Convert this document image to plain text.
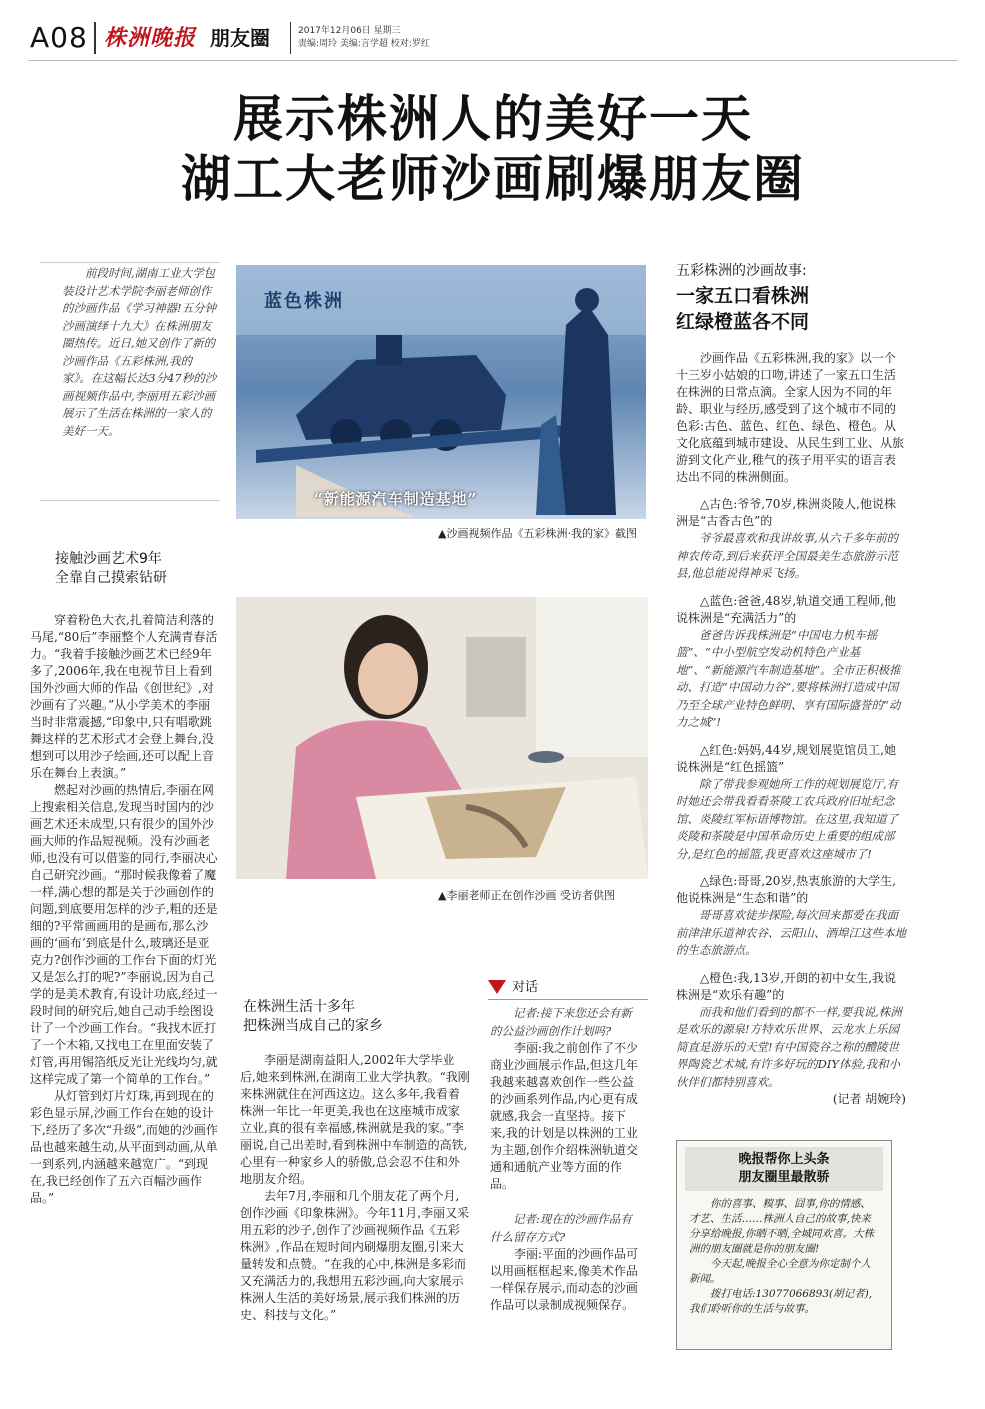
A08 株洲晚报 朋友圈	2017年12月06日 星期三
责编:周玲 美编:言学超 校对:罗红
展示株洲人的美好一天
湖工大老师沙画刷爆朋友圈

前段时间,湖南工业大学包装设计艺术学院李丽老师创作的沙画作品《学习神器!五分钟沙画演绎十九大》在株洲朋友圈热传。近日,她又创作了新的沙画作品《五彩株洲,我的家》。在这幅长达3分47秒的沙画视频作品中,李丽用五彩沙画展示了生活在株洲的一家人的美好一天。

蓝色株洲
“新能源汽车制造基地”
▲沙画视频作品《五彩株洲·我的家》截图
▲李丽老师正在创作沙画 受访者供图
接触沙画艺术9年
全靠自己摸索钻研

穿着粉色大衣,扎着简洁利落的马尾,“80后”李丽整个人充满青春活力。“我着手接触沙画艺术已经9年多了,2006年,我在电视节目上看到国外沙画大师的作品《创世纪》,对沙画有了兴趣。”从小学美术的李丽当时非常震撼,“印象中,只有唱歌跳舞这样的艺术形式才会登上舞台,没想到可以用沙子绘画,还可以配上音乐在舞台上表演。”

燃起对沙画的热情后,李丽在网上搜索相关信息,发现当时国内的沙画艺术还未成型,只有很少的国外沙画大师的作品短视频。没有沙画老师,也没有可以借鉴的同行,李丽决心自己研究沙画。“那时候我像着了魔一样,满心想的都是关于沙画创作的问题,到底要用怎样的沙子,粗的还是细的?平常画画用的是画布,那么沙画的‘画布’到底是什么,玻璃还是亚克力?创作沙画的工作台下面的灯光又是怎么打的呢?”李丽说,因为自己学的是美术教育,有设计功底,经过一段时间的研究后,她自己动手绘图设计了一个沙画工作台。“我找木匠打了一个木箱,又找电工在里面安装了灯管,再用锡箔纸反光让光线均匀,就这样完成了第一个简单的工作台。”

从灯管到灯片灯珠,再到现在的彩色显示屏,沙画工作台在她的设计下,经历了多次“升级”,而她的沙画作品也越来越生动,从平面到动画,从单一到系列,内涵越来越宽广。“到现在,我已经创作了五六百幅沙画作品。”

在株洲生活十多年
把株洲当成自己的家乡

李丽是湖南益阳人,2002年大学毕业后,她来到株洲,在湖南工业大学执教。“我刚来株洲就住在河西这边。这么多年,我看着株洲一年比一年更美,我也在这座城市成家立业,真的很有幸福感,株洲就是我的家。”李丽说,自己出差时,看到株洲中车制造的高铁,心里有一种家乡人的骄傲,总会忍不住和外地朋友介绍。

去年7月,李丽和几个朋友花了两个月,创作沙画《印象株洲》。今年11月,李丽又采用五彩的沙子,创作了沙画视频作品《五彩株洲》,作品在短时间内刷爆朋友圈,引来大量转发和点赞。“在我的心中,株洲是多彩而又充满活力的,我想用五彩沙画,向大家展示株洲人生活的美好场景,展示我们株洲的历史、科技与文化。”

对话

记者:接下来您还会有新的公益沙画创作计划吗?

李丽:我之前创作了不少商业沙画展示作品,但这几年我越来越喜欢创作一些公益的沙画系列作品,内心更有成就感,我会一直坚持。接下来,我的计划是以株洲的工业为主题,创作介绍株洲轨道交通和通航产业等方面的作品。

记者:现在的沙画作品有什么留存方式?

李丽:平面的沙画作品可以用画框框起来,像美术作品一样保存展示,而动态的沙画作品可以录制成视频保存。

五彩株洲的沙画故事:
一家五口看株洲
红绿橙蓝各不同

沙画作品《五彩株洲,我的家》以一个十三岁小姑娘的口吻,讲述了一家五口生活在株洲的日常点滴。全家人因为不同的年龄、职业与经历,感受到了这个城市不同的色彩:古色、蓝色、红色、绿色、橙色。从文化底蕴到城市建设、从民生到工业、从旅游到文化产业,稚气的孩子用平实的语言表达出不同的株洲侧面。

△古色:爷爷,70岁,株洲炎陵人,他说株洲是“古香古色”的

爷爷最喜欢和我讲故事,从六千多年前的神农传奇,到后来获评全国最美生态旅游示范县,他总能说得神采飞扬。

△蓝色:爸爸,48岁,轨道交通工程师,他说株洲是“充满活力”的

爸爸告诉我株洲是“中国电力机车摇篮”、“中小型航空发动机特色产业基地”、“新能源汽车制造基地”。全市正积极推动、打造“中国动力谷”,要将株洲打造成中国乃至全球产业特色鲜明、享有国际盛誉的“动力之城”!

△红色:妈妈,44岁,规划展览馆员工,她说株洲是“红色摇篮”

除了带我参观她所工作的规划展览厅,有时她还会带我看看茶陵工农兵政府旧址纪念馆、炎陵红军标语博物馆。在这里,我知道了炎陵和茶陵是中国革命历史上重要的组成部分,是红色的摇篮,我更喜欢这座城市了!

△绿色:哥哥,20岁,热衷旅游的大学生,他说株洲是“生态和谐”的

哥哥喜欢徒步探险,每次回来都爱在我面前津津乐道神农谷、云阳山、酒埠江这些本地的生态旅游点。

△橙色:我,13岁,开朗的初中女生,我说株洲是“欢乐有趣”的

而我和他们看到的都不一样,要我说,株洲是欢乐的源泉!方特欢乐世界、云龙水上乐园简直是游乐的天堂!有中国瓷谷之称的醴陵世界陶瓷艺术城,有许多好玩的DIY体验,我和小伙伴们都特别喜欢。

(记者 胡婉玲)

晚报帮你上头条
朋友圈里最散骄

你的喜事、糗事、囧事,你的情感、才艺、生活……株洲人自己的故事,快来分享给晚报,你晒不晒,全城同欢喜。大株洲的朋友圈就是你的朋友圈!

今天起,晚报全心全意为你定制个人新闻。

拨打电话:13077066893(胡记者),我们聆听你的生活与故事。
